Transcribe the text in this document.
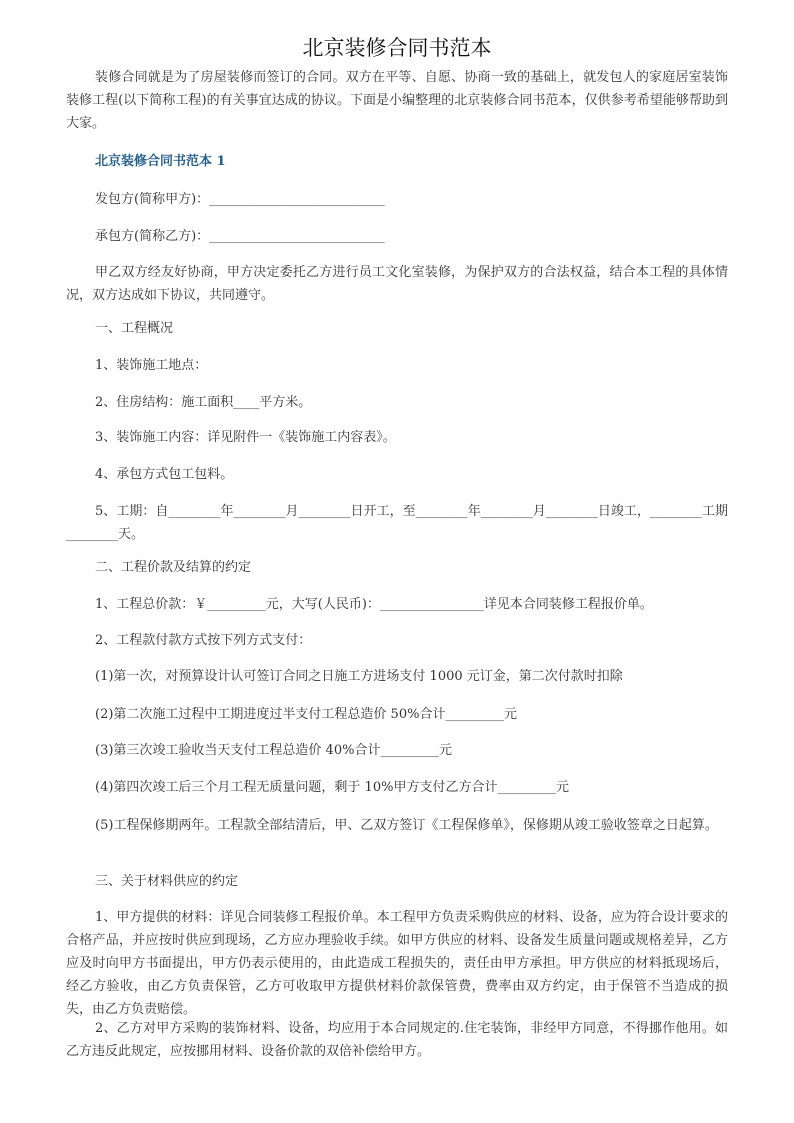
北京装修合同书范本
装修合同就是为了房屋装修而签订的合同。双方在平等、自愿、协商一致的基础上，就发包人的家庭居室装饰装修工程(以下简称工程)的有关事宜达成的协议。下面是小编整理的北京装修合同书范本，仅供参考希望能够帮助到大家。
北京装修合同书范本 1
发包方(简称甲方)：___________________________
承包方(简称乙方)：___________________________
甲乙双方经友好协商，甲方决定委托乙方进行员工文化室装修，为保护双方的合法权益，结合本工程的具体情况，双方达成如下协议，共同遵守。
一、工程概况
1、装饰施工地点：
2、住房结构：施工面积____平方米。
3、装饰施工内容：详见附件一《装饰施工内容表》。
4、承包方式包工包料。
5、工期：自________年________月________日开工，至________年________月________日竣工，________工期________天。
二、工程价款及结算的约定
1、工程总价款：￥_________元，大写(人民币)：________________详见本合同装修工程报价单。
2、工程款付款方式按下列方式支付：
(1)第一次，对预算设计认可签订合同之日施工方进场支付 1000 元订金，第二次付款时扣除
(2)第二次施工过程中工期进度过半支付工程总造价 50%合计_________元
(3)第三次竣工验收当天支付工程总造价 40%合计_________元
(4)第四次竣工后三个月工程无质量问题，剩于 10%甲方支付乙方合计_________元
(5)工程保修期两年。工程款全部结清后，甲、乙双方签订《工程保修单》，保修期从竣工验收签章之日起算。
三、关于材料供应的约定
1、甲方提供的材料：详见合同装修工程报价单。本工程甲方负责采购供应的材料、设备，应为符合设计要求的合格产品，并应按时供应到现场，乙方应办理验收手续。如甲方供应的材料、设备发生质量问题或规格差异，乙方应及时向甲方书面提出，甲方仍表示使用的，由此造成工程损失的，责任由甲方承担。甲方供应的材料抵现场后，经乙方验收，由乙方负责保管，乙方可收取甲方提供材料价款保管费，费率由双方约定，由于保管不当造成的损失，由乙方负责赔偿。
2、乙方对甲方采购的装饰材料、设备，均应用于本合同规定的.住宅装饰，非经甲方同意，不得挪作他用。如乙方违反此规定，应按挪用材料、设备价款的双倍补偿给甲方。
